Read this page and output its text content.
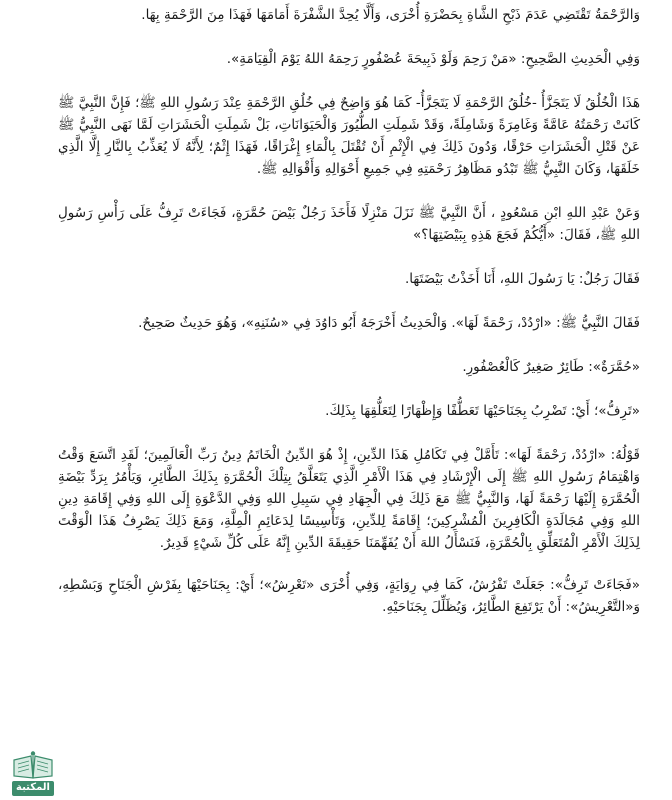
وَالرَّحْمَةُ تَقْتَضِي عَدَمَ ذَبْحِ الشَّاةِ بِحَضْرَةِ أُخْرَى، وَأَلَّا يُحِدَّ الشَّفْرَةَ أَمَامَهَا فَهَذَا مِنَ الرَّحْمَةِ بِهَا.

وَفِي الْحَدِيثِ الصَّحِيحِ: «مَنْ رَحِمَ وَلَوْ ذَبِيحَةَ عُصْفُورٍ رَحِمَهُ اللهُ يَوْمَ الْقِيَامَةِ».

هَذَا الْخُلُقُ لَا يَتَجَزَّأُ -خُلُقُ الرَّحْمَةِ لَا يَتَجَزَّأُ- كَمَا هُوَ وَاضِحٌ فِي خُلُقِ الرَّحْمَةِ عِنْدَ رَسُولِ اللهِ ﷺ؛ فَإِنَّ النَّبِيَّ ﷺ كَانَتْ رَحْمَتُهُ عَامَّةً وَغَامِرَةً وَشَامِلَةً، وَقَدْ شَمِلَتِ الطُّيُورَ وَالْحَيَوَانَاتِ، بَلْ شَمِلَتِ الْحَشَرَاتِ لَمَّا نَهَى النَّبِيُّ ﷺ عَنْ قَتْلِ الْحَشَرَاتِ حَرْقًا، وَدُونَ ذَلِكَ فِي الْإِثْمِ أَنْ تُقْتَلَ بِالْمَاءِ إِغْرَاقًا، فَهَذَا إِثْمٌ؛ لِأَنَّهُ لَا يُعَذِّبُ بِالنَّارِ إِلَّا الَّذِي خَلَقَهَا، وَكَانَ النَّبِيُّ ﷺ تَبْدُو مَظَاهِرُ رَحْمَتِهِ فِي جَمِيعِ أَحْوَالِهِ وَأَقْوَالِهِ ﷺ.

وَعَنْ عَبْدِ اللهِ ابْنِ مَسْعُودٍ ، أَنَّ النَّبِيَّ ﷺ نَزَلَ مَنْزِلًا فَأَخَذَ رَجُلٌ بَيْضَ حُمَّرَةٍ، فَجَاءَتْ تَرِفُّ عَلَى رَأْسِ رَسُولِ اللهِ ﷺ، فَقَالَ: «أَيُّكُمْ فَجَعَ هَذِهِ بِبَيْضَتِهَا؟»

فَقَالَ رَجُلٌ: يَا رَسُولَ اللهِ، أَنَا أَخَذْتُ بَيْضَتَهَا.

فَقَالَ النَّبِيُّ ﷺ: «ارْدُدْ، رَحْمَةً لَهَا». وَالْحَدِيثُ أَخْرَجَهُ أَبُو دَاوُدَ فِي «سُنَنِهِ»، وَهُوَ حَدِيثٌ صَحِيحٌ.

«حُمَّرَةٌ»: طَائِرٌ صَغِيرٌ كَالْعُصْفُورِ.

«تَرِفُّ»؛ أَيْ: تَضْرِبُ بِجَنَاحَيْهَا تَعَطُّفًا وَإِظْهَارًا لِتَعَلُّقِهَا بِذَلِكَ.

قَوْلُهُ: «ارْدُدْ، رَحْمَةً لَهَا»: تَأَمَّلْ فِي تَكَامُلِ هَذَا الدِّينِ، إِذْ هُوَ الدِّينُ الْخَاتَمُ دِينُ رَبِّ الْعَالَمِينَ؛ لَقَدِ اتَّسَعَ وَقْتُ وَاهْتِمَامُ رَسُولِ اللهِ ﷺ إِلَى الْإِرْشَادِ فِي هَذَا الْأَمْرِ الَّذِي يَتَعَلَّقُ بِتِلْكَ الْحُمَّرَةِ بِذَلِكَ الطَّائِرِ، وَيَأْمُرُ بِرَدِّ بَيْضَةِ الْحُمَّرَةِ إِلَيْهَا رَحْمَةً لَهَا، وَالنَّبِيُّ ﷺ مَعَ ذَلِكَ فِي الْجِهَادِ فِي سَبِيلِ اللهِ وَفِي الدَّعْوَةِ إِلَى اللهِ وَفِي إِقَامَةِ دِينِ اللهِ وَفِي مُجَالَدَةِ الْكَافِرِينَ الْمُشْرِكِينَ؛ إِقَامَةً لِلدِّينِ، وَتَأْسِيسًا لِدَعَائِمِ الْمِلَّةِ، وَمَعَ ذَلِكَ يَصْرِفُ هَذَا الْوَقْتَ لِذَلِكَ الْأَمْرِ الْمُتَعَلِّقِ بِالْحُمَّرَةِ، فَنَسْأَلُ اللهَ أَنْ يُفَهِّمَنَا حَقِيقَةَ الدِّينِ إِنَّهُ عَلَى كُلِّ شَيْءٍ قَدِيرٌ.

«فَجَاءَتْ تَرِفُّ»: جَعَلَتْ تَفْرُشُ، كَمَا فِي رِوَايَةٍ، وَفِي أُخْرَى «تَعْرِشُ»؛ أَيْ: بِجَنَاحَيْهَا بِفَرْشِ الْجَنَاحِ وَبَسْطِهِ، وَ«التَّعْرِيشُ»: أَنْ يَرْتَفِعَ الطَّائِرُ، وَيُظَلِّلَ بِجَنَاحَيْهِ.

المكتبة
